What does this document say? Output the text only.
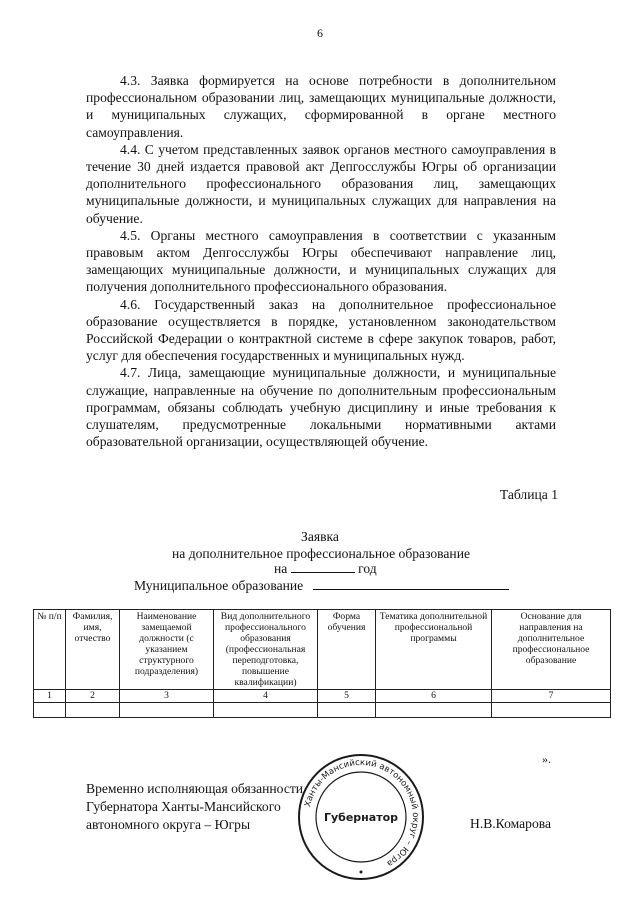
6

4.3. Заявка формируется на основе потребности в дополнительном профессиональном образовании лиц, замещающих муниципальные должности, и муниципальных служащих, сформированной в органе местного самоуправления.

4.4. С учетом представленных заявок органов местного самоуправления в течение 30 дней издается правовой акт Депгосслужбы Югры об организации дополнительного профессионального образования лиц, замещающих муниципальные должности, и муниципальных служащих для направления на обучение.

4.5. Органы местного самоуправления в соответствии с указанным правовым актом Депгосслужбы Югры обеспечивают направление лиц, замещающих муниципальные должности, и муниципальных служащих для получения дополнительного профессионального образования.

4.6. Государственный заказ на дополнительное профессиональное образование осуществляется в порядке, установленном законодательством Российской Федерации о контрактной системе в сфере закупок товаров, работ, услуг для обеспечения государственных и муниципальных нужд.

4.7. Лица, замещающие муниципальные должности, и муниципальные служащие, направленные на обучение по дополнительным профессиональным программам, обязаны соблюдать учебную дисциплину и иные требования к слушателям, предусмотренные локальными нормативными актами образовательной организации, осуществляющей обучение.

Таблица 1
Заявка
на дополнительное профессиональное образование
на	год
Муниципальное образование
№ п/п	Фамилия, имя, отчество	Наименование замещаемой должности (с указанием структурного подразделения)	Вид дополнительного профессионального образования (профессиональная переподготовка, повышение квалификации)	Форма обучения	Тематика дополнительной профессиональной программы	Основание для направления на дополнительное профессиональное образование
1	2	3	4	5	6	7

».
Временно исполняющая обязанности
Губернатора Ханты-Мансийского
автономного округа – Югры	Н.В.Комарова
Ханты-Мансийский автономный округ – Югра
Губернатор
